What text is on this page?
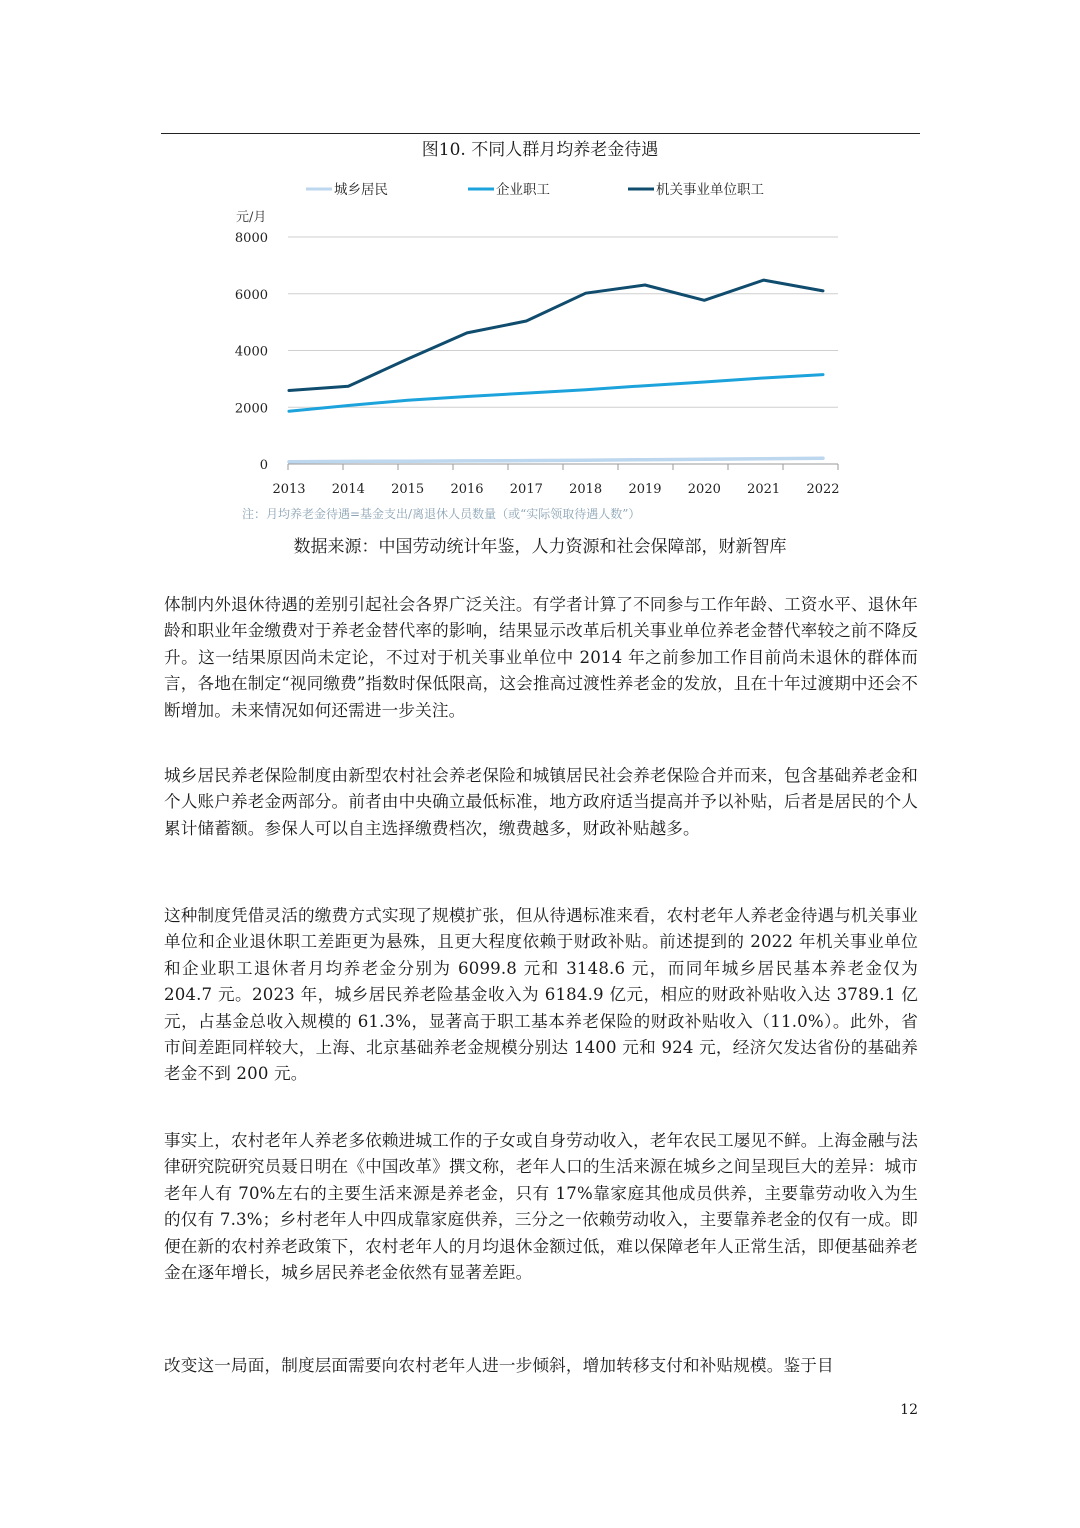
图10. 不同人群月均养老金待遇
城乡居民	企业职工	机关事业单位职工
元/月
0
2000
4000
6000
8000
2013 2014 2015 2016 2017 2018 2019 2020 2021 2022
注：月均养老金待遇=基金支出/离退休人员数量（或“实际领取待遇人数”）
数据来源：中国劳动统计年鉴，人力资源和社会保障部，财新智库

体制内外退休待遇的差别引起社会各界广泛关注。有学者计算了不同参与工作年龄、工资水平、退休年龄和职业年金缴费对于养老金替代率的影响，结果显示改革后机关事业单位养老金替代率较之前不降反升。这一结果原因尚未定论，不过对于机关事业单位中 2014 年之前参加工作目前尚未退休的群体而言，各地在制定“视同缴费”指数时保低限高，这会推高过渡性养老金的发放，且在十年过渡期中还会不断增加。未来情况如何还需进一步关注。

城乡居民养老保险制度由新型农村社会养老保险和城镇居民社会养老保险合并而来，包含基础养老金和个人账户养老金两部分。前者由中央确立最低标准，地方政府适当提高并予以补贴，后者是居民的个人累计储蓄额。参保人可以自主选择缴费档次，缴费越多，财政补贴越多。

这种制度凭借灵活的缴费方式实现了规模扩张，但从待遇标准来看，农村老年人养老金待遇与机关事业单位和企业退休职工差距更为悬殊，且更大程度依赖于财政补贴。前述提到的 2022 年机关事业单位和企业职工退休者月均养老金分别为 6099.8 元和 3148.6 元，而同年城乡居民基本养老金仅为 204.7 元。2023 年，城乡居民养老险基金收入为 6184.9 亿元，相应的财政补贴收入达 3789.1 亿元，占基金总收入规模的 61.3%，显著高于职工基本养老保险的财政补贴收入（11.0%）。此外，省市间差距同样较大，上海、北京基础养老金规模分别达 1400 元和 924 元，经济欠发达省份的基础养老金不到 200 元。

事实上，农村老年人养老多依赖进城工作的子女或自身劳动收入，老年农民工屡见不鲜。上海金融与法律研究院研究员聂日明在《中国改革》撰文称，老年人口的生活来源在城乡之间呈现巨大的差异：城市老年人有 70%左右的主要生活来源是养老金，只有 17%靠家庭其他成员供养，主要靠劳动收入为生的仅有 7.3%；乡村老年人中四成靠家庭供养，三分之一依赖劳动收入，主要靠养老金的仅有一成。即便在新的农村养老政策下，农村老年人的月均退休金额过低，难以保障老年人正常生活，即便基础养老金在逐年增长，城乡居民养老金依然有显著差距。

改变这一局面，制度层面需要向农村老年人进一步倾斜，增加转移支付和补贴规模。鉴于目

12
